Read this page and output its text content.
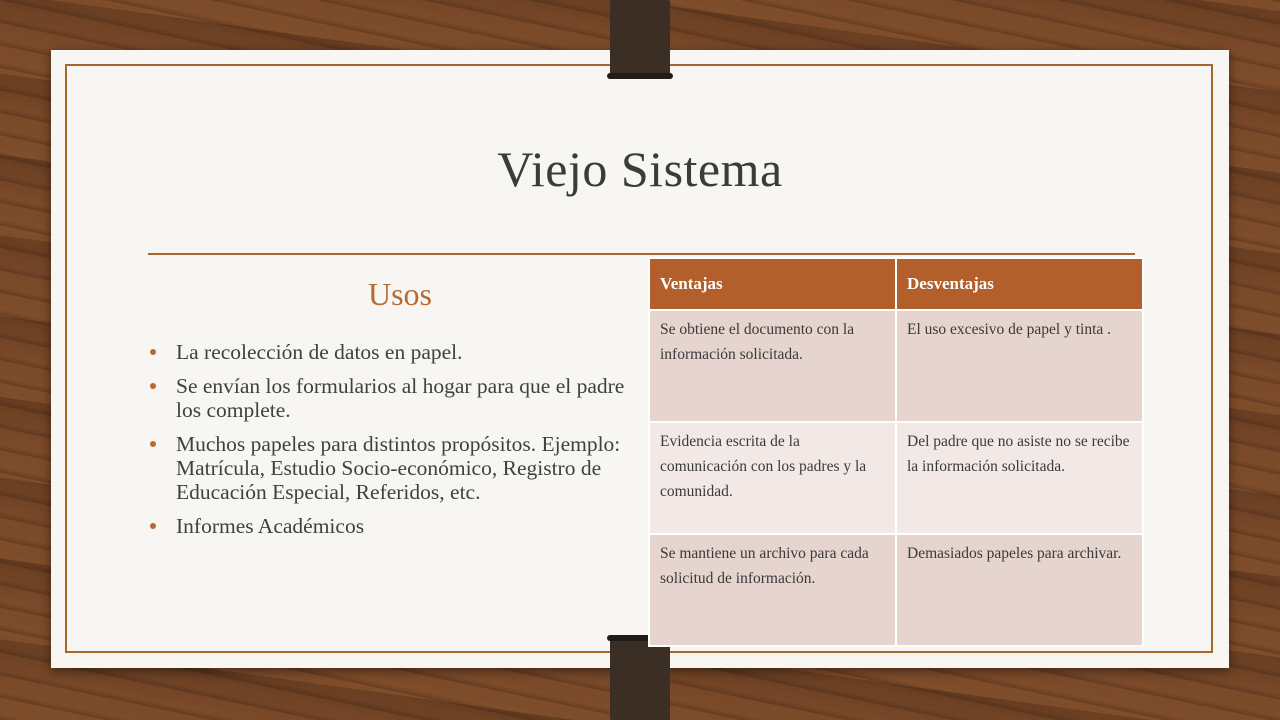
Viejo Sistema
Usos
La recolección de datos en papel.
Se envían los formularios al hogar para que el padre los complete.
Muchos papeles para distintos propósitos. Ejemplo: Matrícula, Estudio Socio-económico, Registro de Educación Especial, Referidos, etc.
Informes Académicos
Ventajas	Desventajas
Se obtiene el documento con la información solicitada.	El uso excesivo de papel y tinta .
Evidencia escrita de la comunicación con los padres y la comunidad.	Del padre que no asiste no se recibe la información solicitada.
Se mantiene un archivo para cada solicitud de información.	Demasiados papeles para archivar.
